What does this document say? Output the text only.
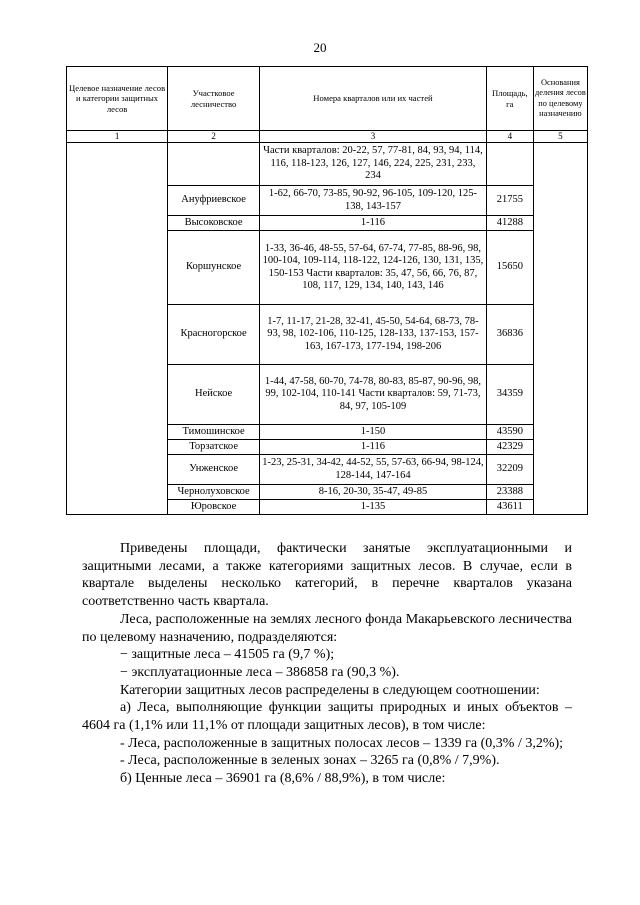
20
Целевое назначение лесов и категории защитных лесов	Участковое лесничество	Номера кварталов или их частей	Площадь, га	Основания деления лесов по целевому назначению
1	2	3	4	5
		Части кварталов: 20-22, 57, 77-81, 84, 93, 94, 114, 116, 118-123, 126, 127, 146, 224, 225, 231, 233, 234		
	Ануфриевское	1-62, 66-70, 73-85, 90-92, 96-105, 109-120, 125-138, 143-157	21755	
	Высоковское	1-116	41288	
	Коршунское	1-33, 36-46, 48-55, 57-64, 67-74, 77-85, 88-96, 98, 100-104, 109-114, 118-122, 124-126, 130, 131, 135, 150-153 Части кварталов: 35, 47, 56, 66, 76, 87, 108, 117, 129, 134, 140, 143, 146	15650	
	Красногорское	1-7, 11-17, 21-28, 32-41, 45-50, 54-64, 68-73, 78-93, 98, 102-106, 110-125, 128-133, 137-153, 157-163, 167-173, 177-194, 198-206	36836	
	Нейское	1-44, 47-58, 60-70, 74-78, 80-83, 85-87, 90-96, 98, 99, 102-104, 110-141 Части кварталов: 59, 71-73, 84, 97, 105-109	34359	
	Тимошинское	1-150	43590	
	Торзатское	1-116	42329	
	Унженское	1-23, 25-31, 34-42, 44-52, 55, 57-63, 66-94, 98-124, 128-144, 147-164	32209	
	Чернолуховское	8-16, 20-30, 35-47, 49-85	23388	
	Юровское	1-135	43611	

Приведены площади, фактически занятые эксплуатационными и защитными лесами, а также категориями защитных лесов. В случае, если в квартале выделены несколько категорий, в перечне кварталов указана соответственно часть квартала.

Леса, расположенные на землях лесного фонда Макарьевского лесничества по целевому назначению, подразделяются:

− защитные леса – 41505 га (9,7 %);

− эксплуатационные леса – 386858 га (90,3 %).

Категории защитных лесов распределены в следующем соотношении:

а) Леса, выполняющие функции защиты природных и иных объектов – 4604 га (1,1% или 11,1% от площади защитных лесов), в том числе:

- Леса, расположенные в защитных полосах лесов – 1339 га (0,3% / 3,2%);

- Леса, расположенные в зеленых зонах – 3265 га (0,8% / 7,9%).

б) Ценные леса – 36901 га (8,6% / 88,9%), в том числе:
